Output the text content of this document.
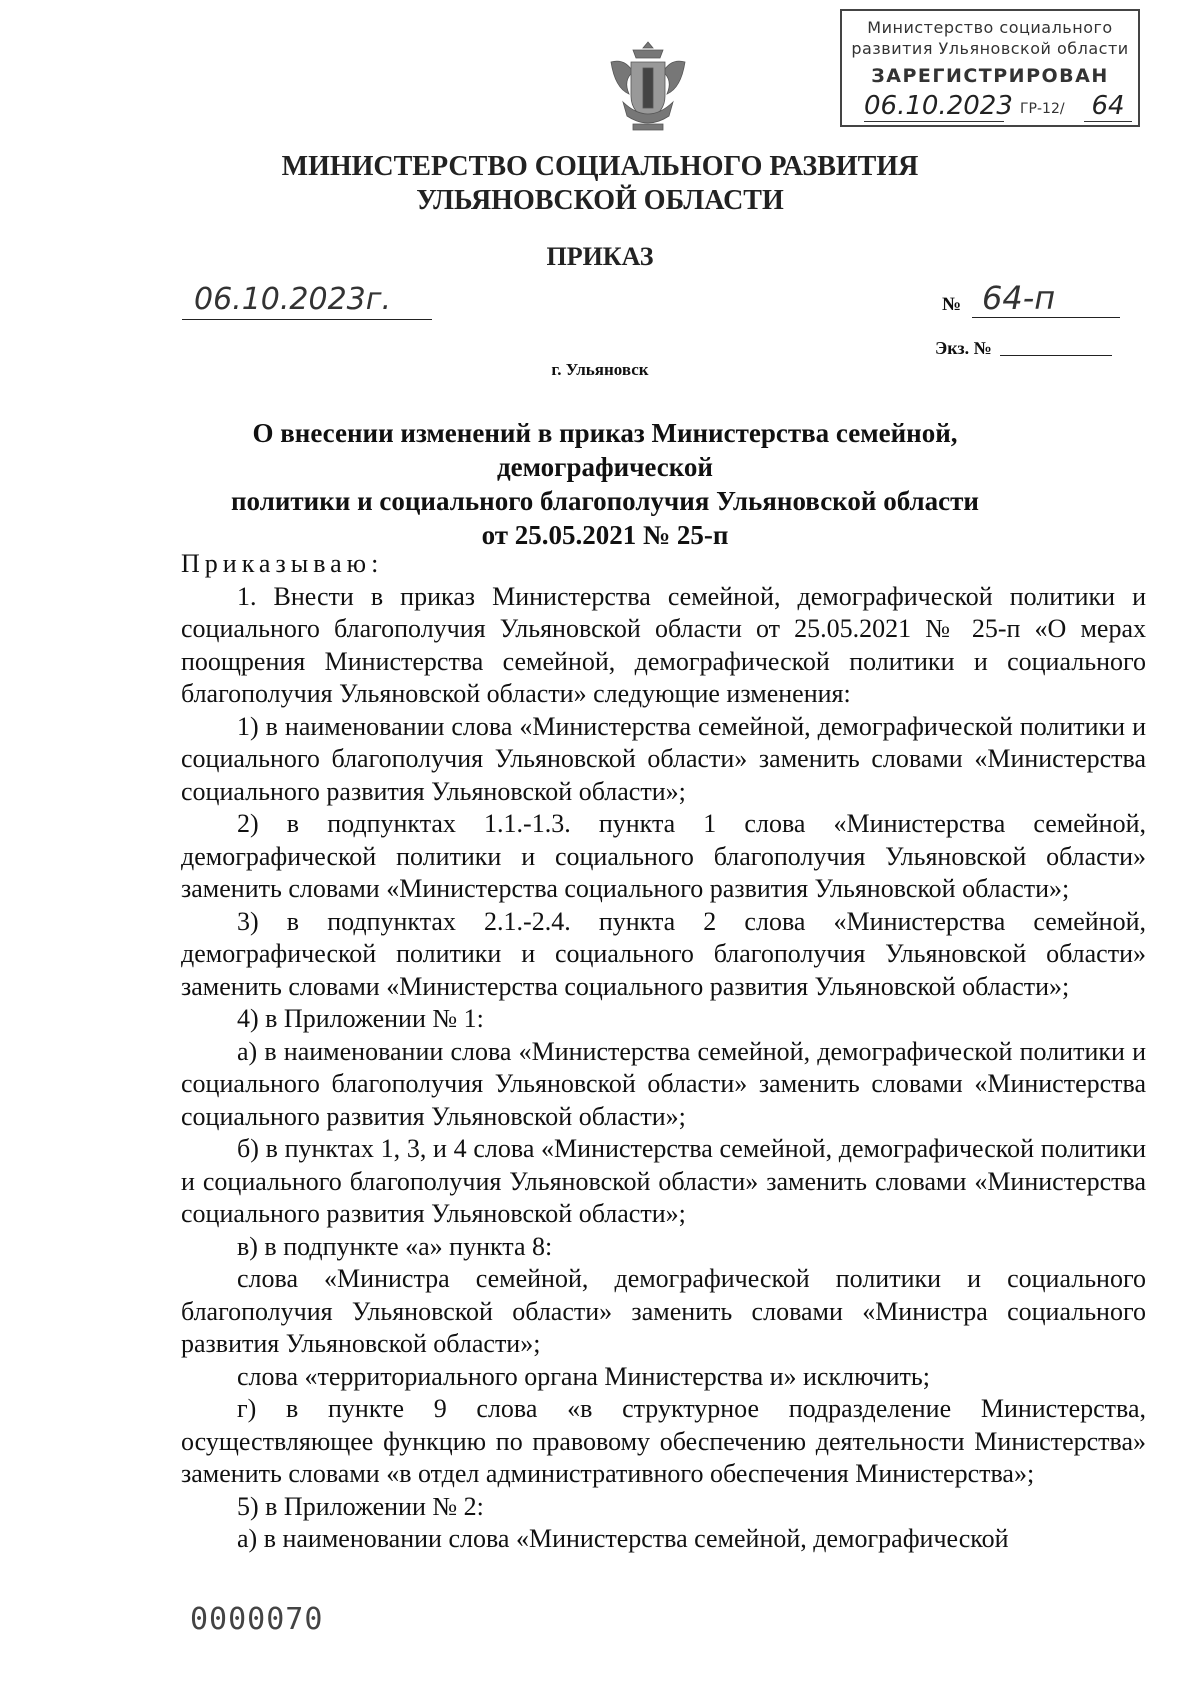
Министерство социального
развития Ульяновской области
ЗАРЕГИСТРИРОВАН
06.10.2023 ГР-12/ 64
МИНИСТЕРСТВО СОЦИАЛЬНОГО РАЗВИТИЯ
УЛЬЯНОВСКОЙ ОБЛАСТИ
ПРИКАЗ
06.10.2023г.	№ 64-п
Экз. №
г. Ульяновск
О внесении изменений в приказ Министерства семейной, демографической
политики и социального благополучия Ульяновской области
от 25.05.2021 № 25-п

Приказываю:

1. Внести в приказ Министерства семейной, демографической политики и социального благополучия Ульяновской области от 25.05.2021 № 25-п «О мерах поощрения Министерства семейной, демографической политики и социального благополучия Ульяновской области» следующие изменения:

1) в наименовании слова «Министерства семейной, демографической политики и социального благополучия Ульяновской области» заменить словами «Министерства социального развития Ульяновской области»;

2) в подпунктах 1.1.-1.3. пункта 1 слова «Министерства семейной, демографической политики и социального благополучия Ульяновской области» заменить словами «Министерства социального развития Ульяновской области»;

3) в подпунктах 2.1.-2.4. пункта 2 слова «Министерства семейной, демографической политики и социального благополучия Ульяновской области» заменить словами «Министерства социального развития Ульяновской области»;

4) в Приложении № 1:

а) в наименовании слова «Министерства семейной, демографической политики и социального благополучия Ульяновской области» заменить словами «Министерства социального развития Ульяновской области»;

б) в пунктах 1, 3, и 4 слова «Министерства семейной, демографической политики и социального благополучия Ульяновской области» заменить словами «Министерства социального развития Ульяновской области»;

в) в подпункте «а» пункта 8:

слова «Министра семейной, демографической политики и социального благополучия Ульяновской области» заменить словами «Министра социального развития Ульяновской области»;

слова «территориального органа Министерства и» исключить;

г) в пункте 9 слова «в структурное подразделение Министерства, осуществляющее функцию по правовому обеспечению деятельности Министерства» заменить словами «в отдел административного обеспечения Министерства»;

5) в Приложении № 2:

а) в наименовании слова «Министерства семейной, демографической

0000070
